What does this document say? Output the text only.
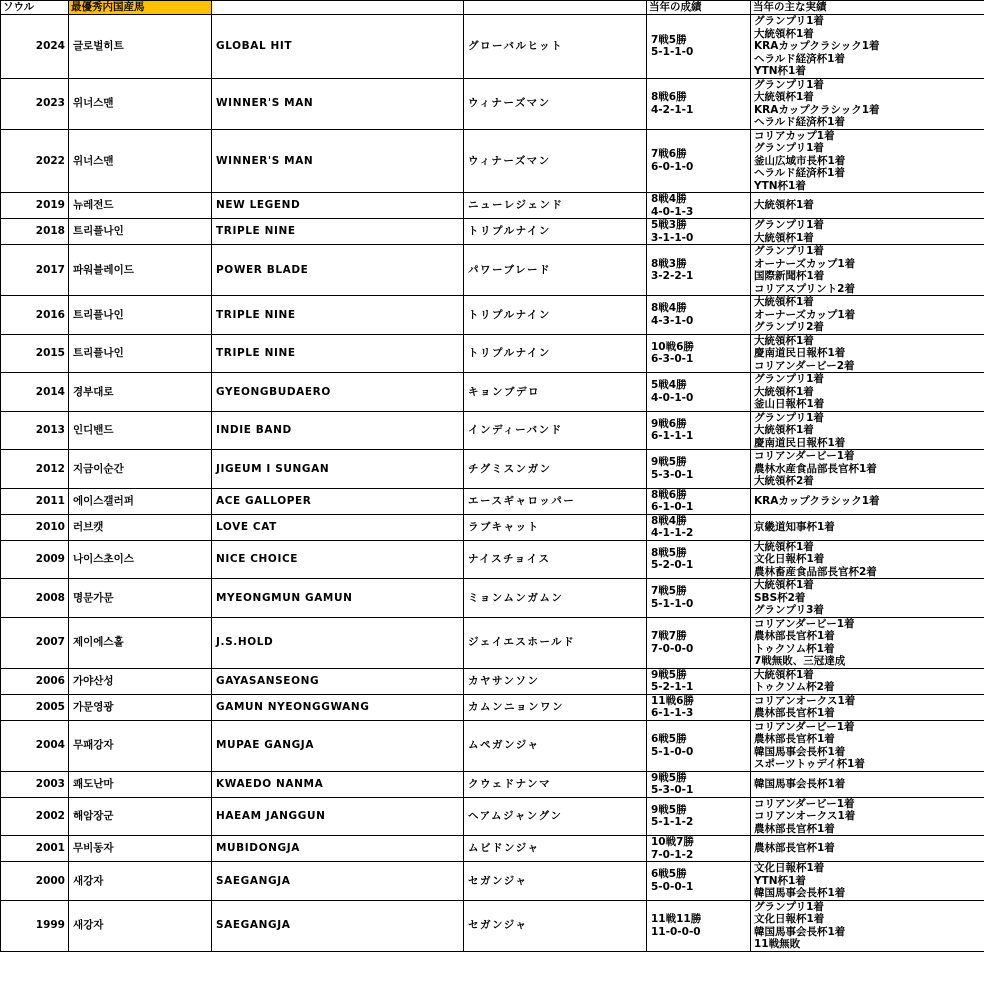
ソウル	最優秀内国産馬			当年の成績	当年の主な実績
2024	글로벌히트	GLOBAL HIT	グローバルヒット	7戦5勝
5-1-1-0	グランプリ1着
大統領杯1着
KRAカップクラシック1着
ヘラルド経済杯1着
YTN杯1着

2023	위너스맨	WINNER'S MAN	ウィナーズマン	8戦6勝
4-2-1-1	グランプリ1着
大統領杯1着
KRAカップクラシック1着
ヘラルド経済杯1着

2022	위너스맨	WINNER'S MAN	ウィナーズマン	7戦6勝
6-0-1-0	コリアカップ1着
グランプリ1着
釜山広域市長杯1着
ヘラルド経済杯1着
YTN杯1着

2019	뉴레전드	NEW LEGEND	ニューレジェンド	8戦4勝
4-0-1-3	大統領杯1着

2018	트리플나인	TRIPLE NINE	トリプルナイン	5戦3勝
3-1-1-0	グランプリ1着
大統領杯1着

2017	파워블레이드	POWER BLADE	パワーブレード	8戦3勝
3-2-2-1	グランプリ1着
オーナーズカップ1着
国際新聞杯1着
コリアスプリント2着

2016	트리플나인	TRIPLE NINE	トリプルナイン	8戦4勝
4-3-1-0	大統領杯1着
オーナーズカップ1着
グランプリ2着

2015	트리플나인	TRIPLE NINE	トリプルナイン	10戦6勝
6-3-0-1	大統領杯1着
慶南道民日報杯1着
コリアンダービー2着

2014	경부대로	GYEONGBUDAERO	キョンブデロ	5戦4勝
4-0-1-0	グランプリ1着
大統領杯1着
釜山日報杯1着

2013	인디밴드	INDIE BAND	インディーバンド	9戦6勝
6-1-1-1	グランプリ1着
大統領杯1着
慶南道民日報杯1着

2012	지금이순간	JIGEUM I SUNGAN	チグミスンガン	9戦5勝
5-3-0-1	コリアンダービー1着
農林水産食品部長官杯1着
大統領杯2着

2011	에이스갤러퍼	ACE GALLOPER	エースギャロッパー	8戦6勝
6-1-0-1	KRAカップクラシック1着

2010	러브캣	LOVE CAT	ラブキャット	8戦4勝
4-1-1-2	京畿道知事杯1着

2009	나이스초이스	NICE CHOICE	ナイスチョイス	8戦5勝
5-2-0-1	大統領杯1着
文化日報杯1着
農林畜産食品部長官杯2着

2008	명문가문	MYEONGMUN GAMUN	ミョンムンガムン	7戦5勝
5-1-1-0	大統領杯1着
SBS杯2着
グランプリ3着

2007	제이에스홀	J.S.HOLD	ジェイエスホールド	7戦7勝
7-0-0-0	コリアンダービー1着
農林部長官杯1着
トゥクソム杯1着
7戦無敗、三冠達成

2006	가야산성	GAYASANSEONG	カヤサンソン	9戦5勝
5-2-1-1	大統領杯1着
トゥクソム杯2着

2005	가문영광	GAMUN NYEONGGWANG	カムンニョンワン	11戦6勝
6-1-1-3	コリアンオークス1着
農林部長官杯1着

2004	무패강자	MUPAE GANGJA	ムペガンジャ	6戦5勝
5-1-0-0	コリアンダービー1着
農林部長官杯1着
韓国馬事会長杯1着
スポーツトゥデイ杯1着

2003	쾌도난마	KWAEDO NANMA	クウェドナンマ	9戦5勝
5-3-0-1	韓国馬事会長杯1着

2002	해암장군	HAEAM JANGGUN	ヘアムジャングン	9戦5勝
5-1-1-2	コリアンダービー1着
コリアンオークス1着
農林部長官杯1着

2001	무비동자	MUBIDONGJA	ムビドンジャ	10戦7勝
7-0-1-2	農林部長官杯1着

2000	새강자	SAEGANGJA	セガンジャ	6戦5勝
5-0-0-1	文化日報杯1着
YTN杯1着
韓国馬事会長杯1着

1999	새강자	SAEGANGJA	セガンジャ	11戦11勝
11-0-0-0	グランプリ1着
文化日報杯1着
韓国馬事会長杯1着
11戦無敗
